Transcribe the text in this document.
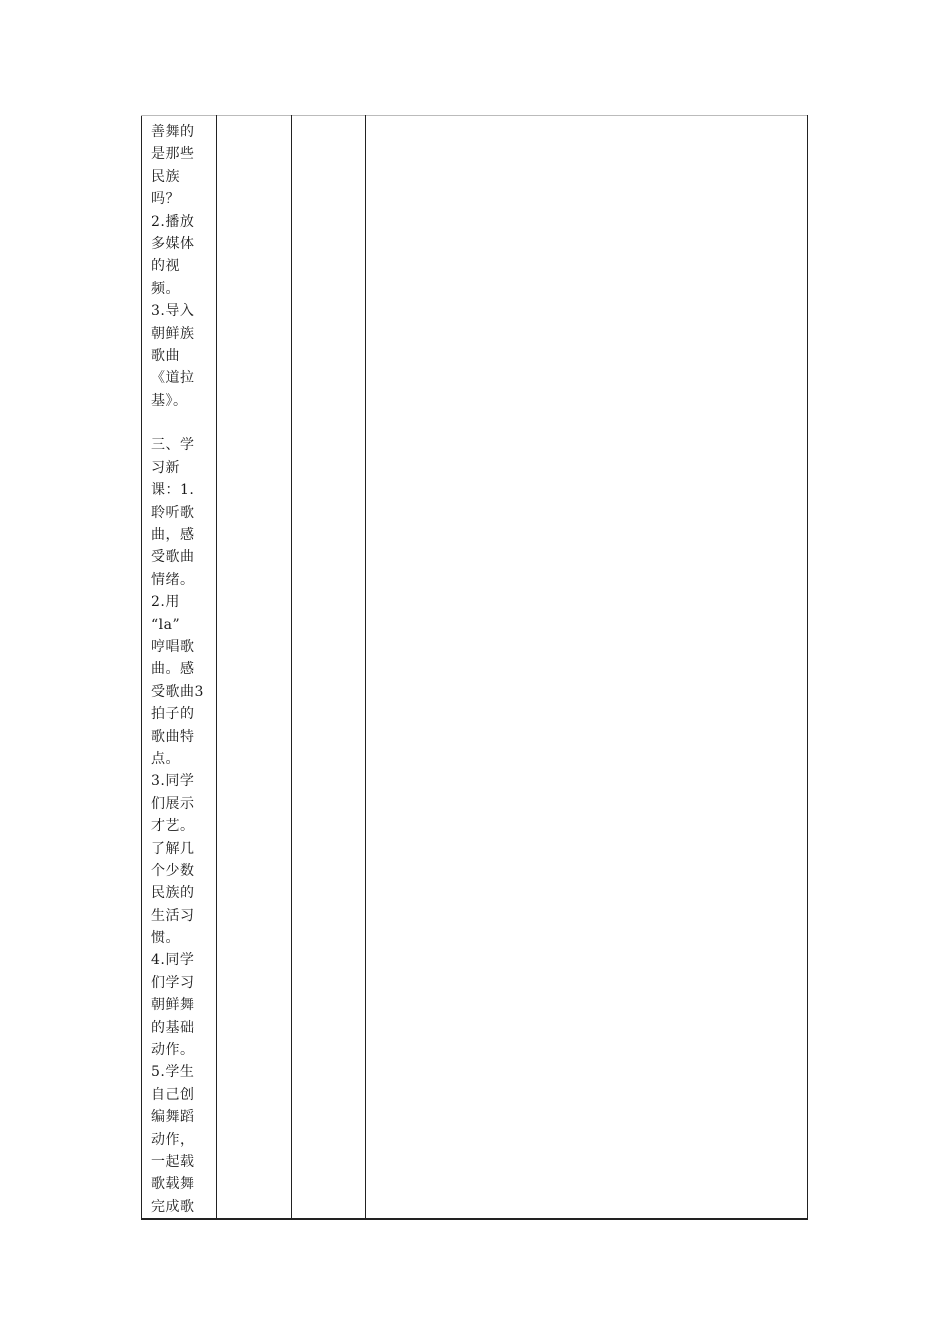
善舞的
是那些
民族
吗？
2.播放
多媒体
的视
频。
3.导入
朝鲜族
歌曲
《道拉
基》。
三、学
习新
课：1.
聆听歌
曲，感
受歌曲
情绪。
2.用
“la”
哼唱歌
曲。感
受歌曲3
拍子的
歌曲特
点。
3.同学
们展示
才艺。
了解几
个少数
民族的
生活习
惯。
4.同学
们学习
朝鲜舞
的基础
动作。
5.学生
自己创
编舞蹈
动作，
一起载
歌载舞
完成歌
